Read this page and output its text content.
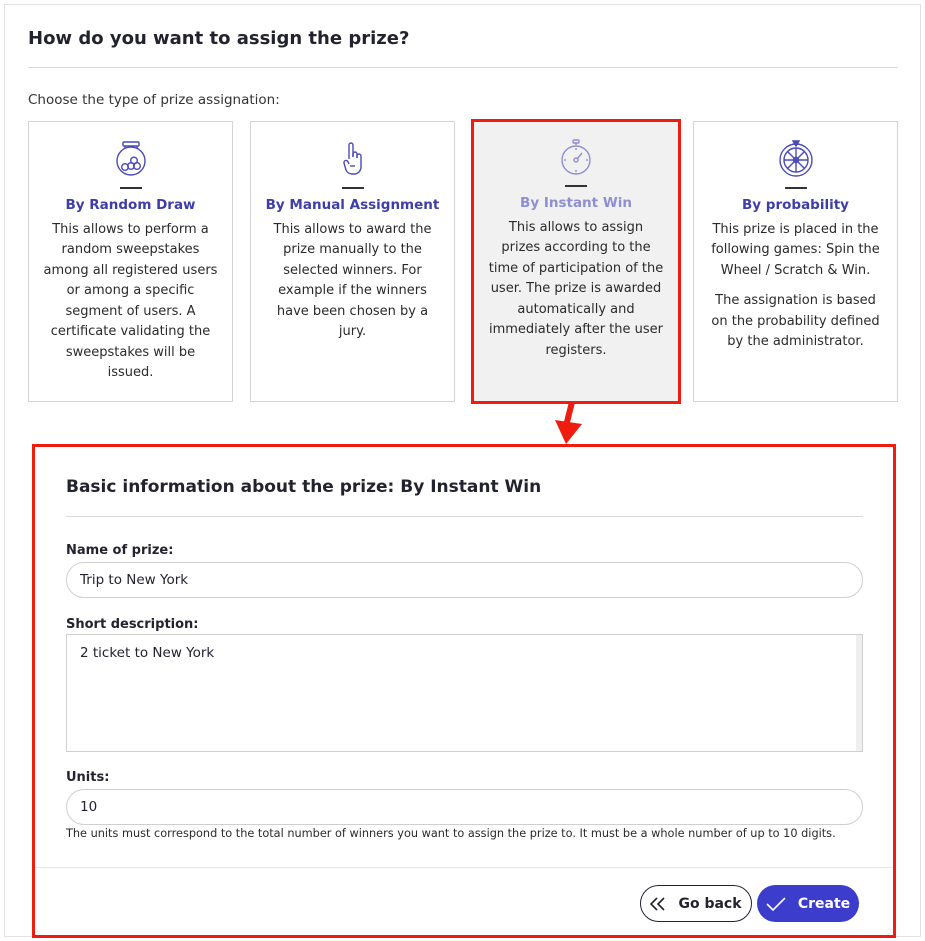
How do you want to assign the prize?
Choose the type of prize assignation:
By Random Draw

This allows to perform a random sweepstakes among all registered users or among a specific segment of users. A certificate validating the sweepstakes will be issued.

By Manual Assignment

This allows to award the prize manually to the selected winners. For example if the winners have been chosen by a jury.

By Instant Win

This allows to assign prizes according to the time of participation of the user. The prize is awarded automatically and immediately after the user registers.

By probability

This prize is placed in the following games: Spin the Wheel / Scratch & Win.

The assignation is based on the probability defined by the administrator.

Basic information about the prize: By Instant Win
Name of prize:
Trip to New York
Short description:
2 ticket to New York
Units:
10
The units must correspond to the total number of winners you want to assign the prize to. It must be a whole number of up to 10 digits.
Go back	Create
